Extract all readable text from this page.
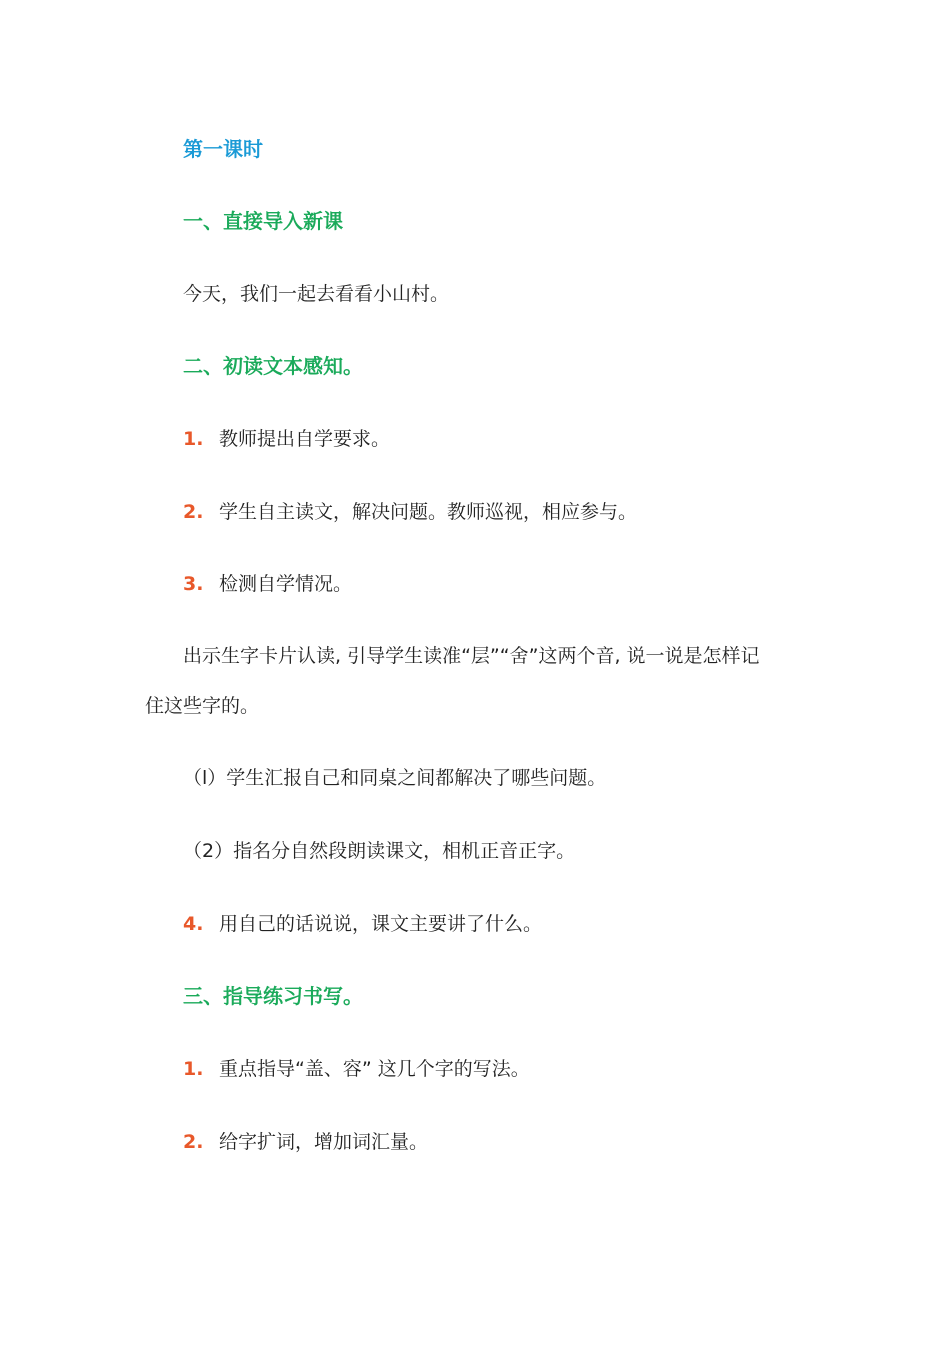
第一课时
一、直接导入新课
今天，我们一起去看看小山村。
二、初读文本感知。
1. 教师提出自学要求。
2. 学生自主读文，解决问题。教师巡视，相应参与。
3. 检测自学情况。
出示生字卡片认读, 引导学生读准“层”“舍”这两个音, 说一说是怎样记
住这些字的。
（l）学生汇报自己和同桌之间都解决了哪些问题。
（2）指名分自然段朗读课文，相机正音正字。
4. 用自己的话说说，课文主要讲了什么。
三、指导练习书写。
1. 重点指导“盖、容” 这几个字的写法。
2. 给字扩词，增加词汇量。
